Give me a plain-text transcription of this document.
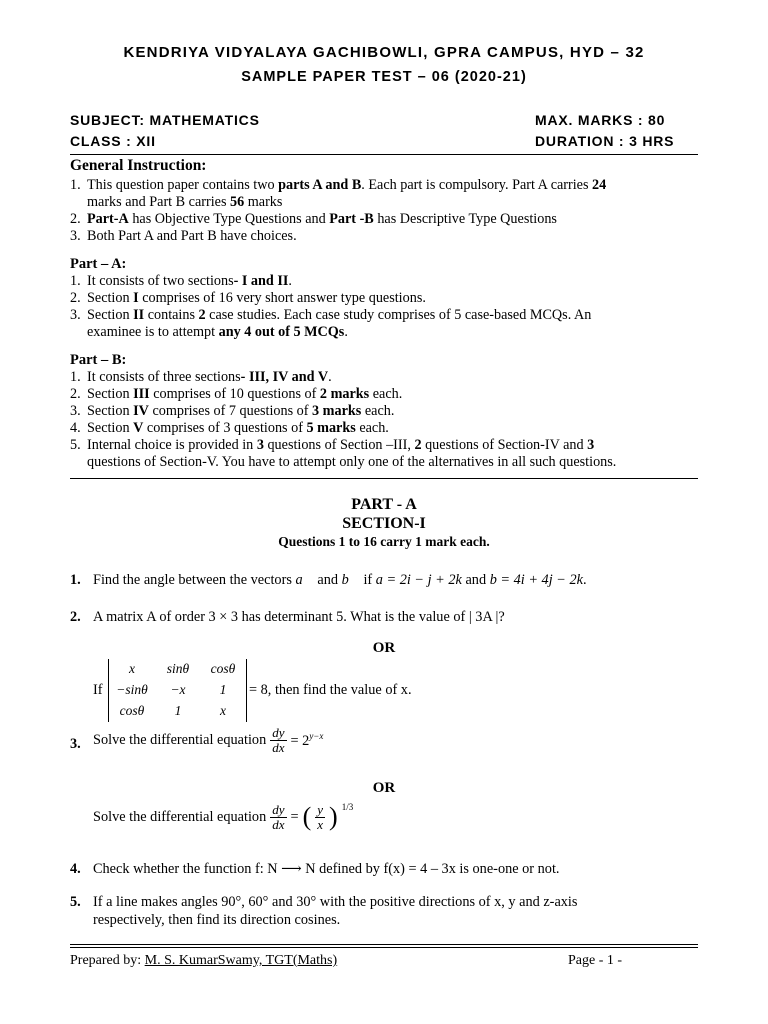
KENDRIYA VIDYALAYA GACHIBOWLI, GPRA CAMPUS, HYD – 32
SAMPLE PAPER TEST – 06 (2020-21)
SUBJECT: MATHEMATICS	MAX. MARKS : 80
CLASS : XII	DURATION : 3 HRS
General Instruction:
1. This question paper contains two parts A and B. Each part is compulsory. Part A carries 24
marks and Part B carries 56 marks
2. Part-A has Objective Type Questions and Part -B has Descriptive Type Questions
3. Both Part A and Part B have choices.
Part – A:
1. It consists of two sections- I and II.
2. Section I comprises of 16 very short answer type questions.
3. Section II contains 2 case studies. Each case study comprises of 5 case-based MCQs. An
examinee is to attempt any 4 out of 5 MCQs.
Part – B:
1. It consists of three sections- III, IV and V.
2. Section III comprises of 10 questions of 2 marks each.
3. Section IV comprises of 7 questions of 3 marks each.
4. Section V comprises of 3 questions of 5 marks each.
5. Internal choice is provided in 3 questions of Section –III, 2 questions of Section-IV and 3
questions of Section-V. You have to attempt only one of the alternatives in all such questions.
PART - A
SECTION-I
Questions 1 to 16 carry 1 mark each.
1. Find the angle between the vectors a⃗ and b⃗ if a = 2i − j + 2k and b = 4i + 4j − 2k.
2. A matrix A of order 3 × 3 has determinant 5. What is the value of | 3A |?
OR
If
x	sinθ	cosθ
−sinθ	−x	1
cosθ	1	x
= 8, then find the value of x.
3. Solve the differential equation $\frac{dy}{dx} = 2^{y-x}$
OR
Solve the differential equation $\frac{dy}{dx}$ = ( $\frac{y}{x}$ ) $^{1/3}$
4. Check whether the function f: N ⟶ N defined by f(x) = 4 – 3x is one-one or not.
5. If a line makes angles 90°, 60° and 30° with the positive directions of x, y and z-axis
respectively, then find its direction cosines.
Prepared by: M. S. KumarSwamy, TGT(Maths)	Page - 1 -
